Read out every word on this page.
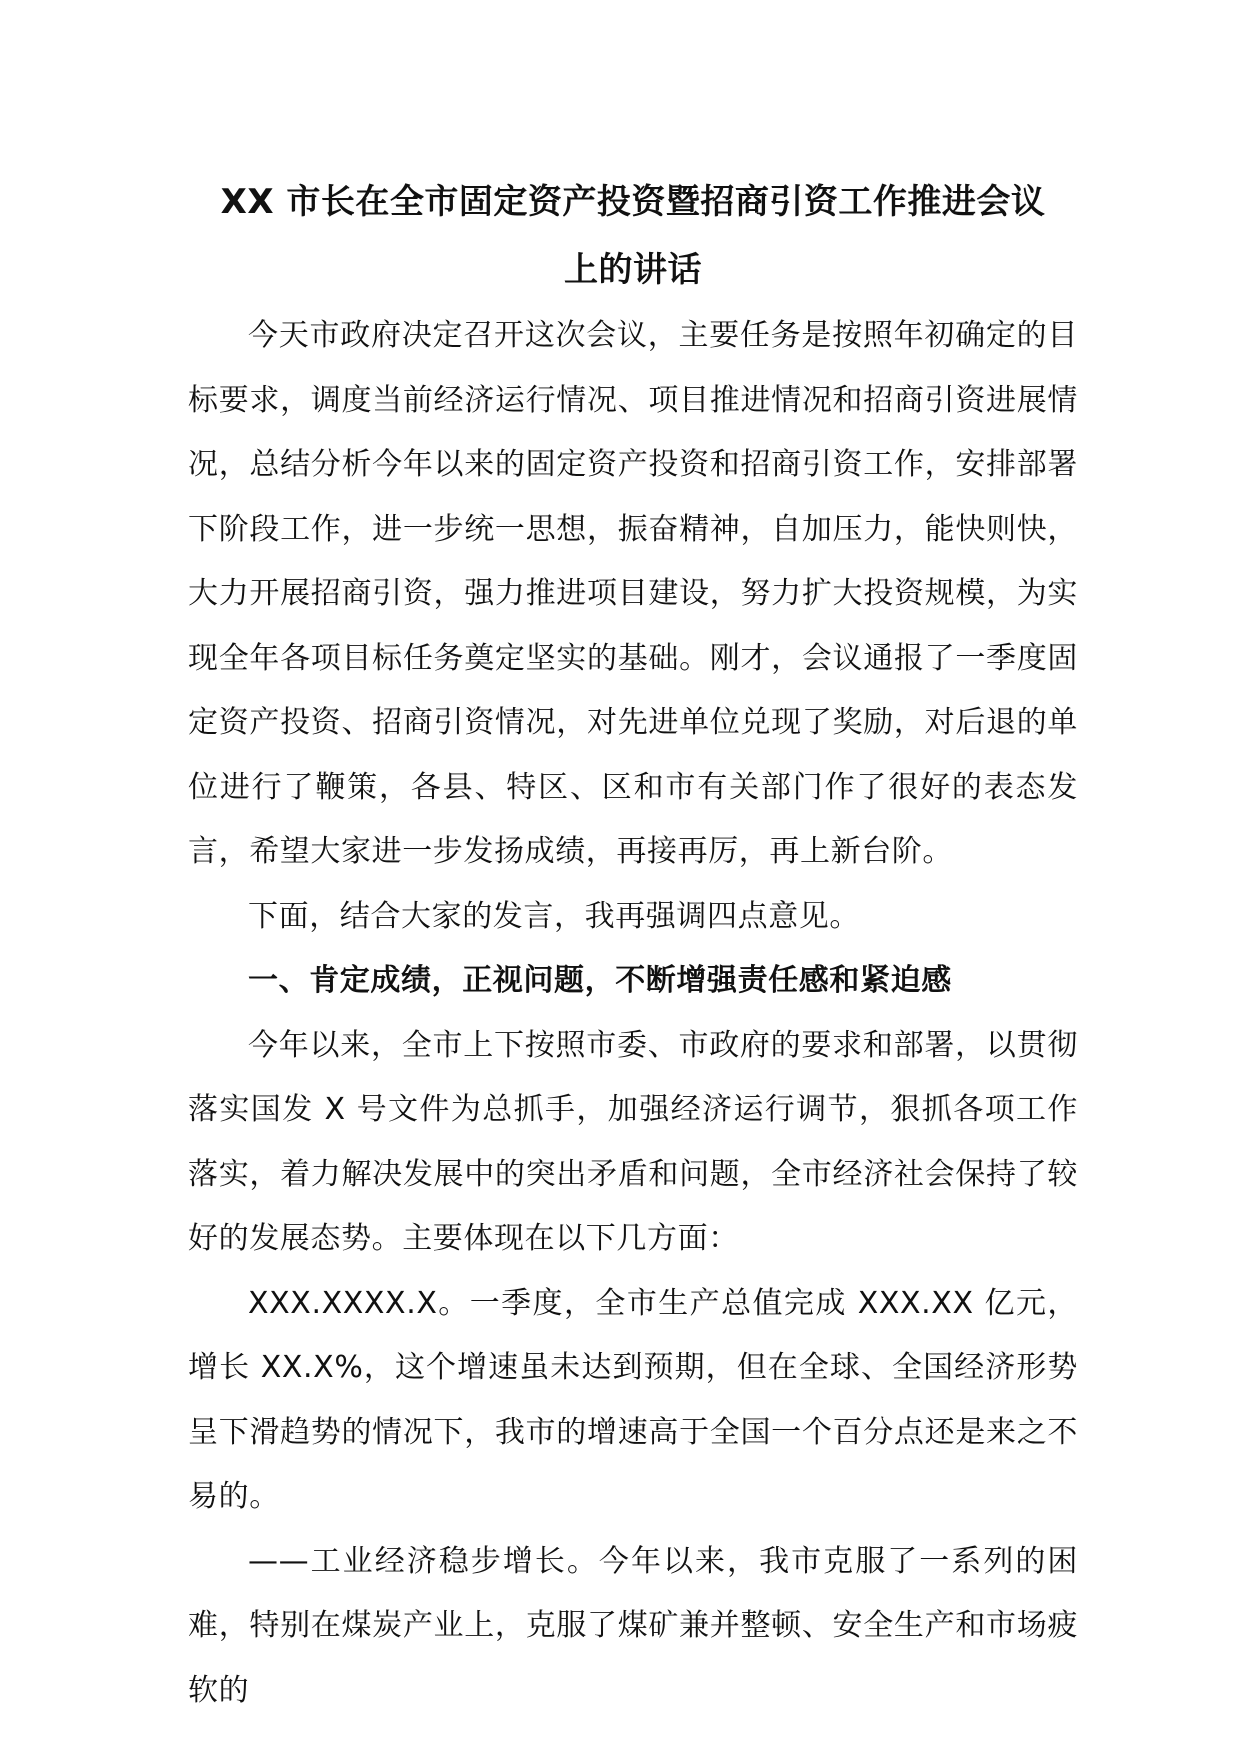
XX 市长在全市固定资产投资暨招商引资工作推进会议
上的讲话

今天市政府决定召开这次会议，主要任务是按照年初确定的目标要求，调度当前经济运行情况、项目推进情况和招商引资进展情况，总结分析今年以来的固定资产投资和招商引资工作，安排部署下阶段工作，进一步统一思想，振奋精神，自加压力，能快则快，大力开展招商引资，强力推进项目建设，努力扩大投资规模，为实现全年各项目标任务奠定坚实的基础。刚才，会议通报了一季度固定资产投资、招商引资情况，对先进单位兑现了奖励，对后退的单位进行了鞭策，各县、特区、区和市有关部门作了很好的表态发言，希望大家进一步发扬成绩，再接再厉，再上新台阶。

下面，结合大家的发言，我再强调四点意见。

一、肯定成绩，正视问题，不断增强责任感和紧迫感

今年以来，全市上下按照市委、市政府的要求和部署，以贯彻落实国发 X 号文件为总抓手，加强经济运行调节，狠抓各项工作落实，着力解决发展中的突出矛盾和问题，全市经济社会保持了较好的发展态势。主要体现在以下几方面：

XXX.XXXX.X。一季度，全市生产总值完成 XXX.XX 亿元，增长 XX.X%，这个增速虽未达到预期，但在全球、全国经济形势呈下滑趋势的情况下，我市的增速高于全国一个百分点还是来之不易的。

——工业经济稳步增长。今年以来，我市克服了一系列的困难，特别在煤炭产业上，克服了煤矿兼并整顿、安全生产和市场疲软的
